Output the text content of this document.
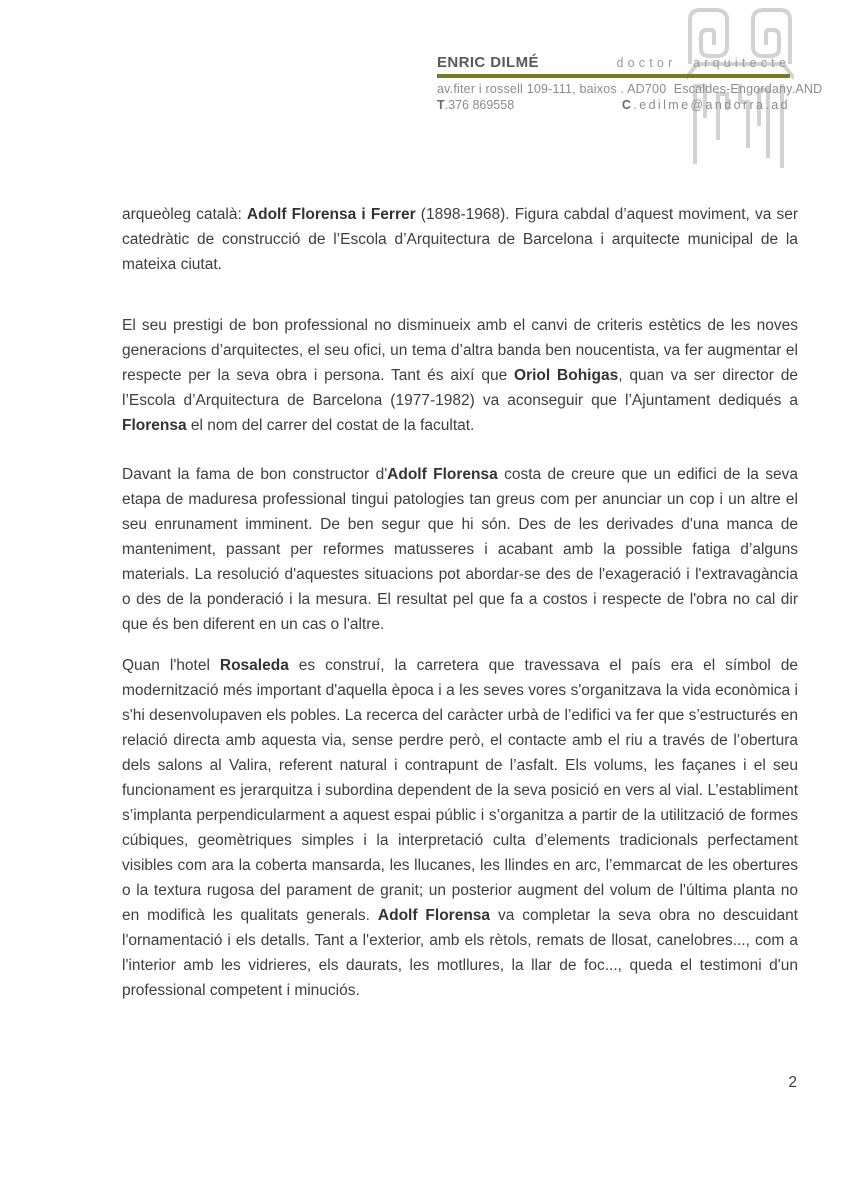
ENRIC DILMÉ	doctor arquitecte
av.fiter i rossell 109-111, baixos . AD700  Escaldes-Engordany.AND
T.376 869558	C.edilme@andorra.ad

arqueòleg català: Adolf Florensa i Ferrer (1898-1968). Figura cabdal d’aquest moviment, va ser catedràtic de construcció de l’Escola d’Arquitectura de Barcelona i arquitecte municipal de la mateixa ciutat.

El seu prestigi de bon professional no disminueix amb el canvi de criteris estètics de les noves generacions d’arquitectes, el seu ofici, un tema d’altra banda ben noucentista, va fer augmentar el respecte per la seva obra i persona. Tant és així que Oriol Bohigas, quan va ser director de l’Escola d’Arquitectura de Barcelona (1977-1982) va aconseguir que l’Ajuntament dediqués a Florensa el nom del carrer del costat de la facultat.

Davant la fama de bon constructor d'Adolf Florensa costa de creure que un edifici de la seva etapa de maduresa professional tingui patologies tan greus com per anunciar un cop i un altre el seu enrunament imminent. De ben segur que hi són. Des de les derivades d'una manca de manteniment, passant per reformes matusseres i acabant amb la possible fatiga d’alguns materials. La resolució d'aquestes situacions pot abordar-se des de l'exageració i l'extravagància o des de la ponderació i la mesura. El resultat pel que fa a costos i respecte de l'obra no cal dir que és ben diferent en un cas o l'altre.

Quan l'hotel Rosaleda es construí, la carretera que travessava el país era el símbol de modernització més important d'aquella època i a les seves vores s'organitzava la vida econòmica i s'hi desenvolupaven els pobles. La recerca del caràcter urbà de l’edifici va fer que s’estructurés en relació directa amb aquesta via, sense perdre però, el contacte amb el riu a través de l’obertura dels salons al Valira, referent natural i contrapunt de l’asfalt. Els volums, les façanes i el seu funcionament es jerarquitza i subordina dependent de la seva posició en vers al vial. L’establiment s’implanta perpendicularment a aquest espai públic i s’organitza a partir de la utilització de formes cúbiques, geomètriques simples i la interpretació culta d’elements tradicionals perfectament visibles com ara la coberta mansarda, les llucanes, les llindes en arc, l’emmarcat de les obertures o la textura rugosa del parament de granit; un posterior augment del volum de l'última planta no en modificà les qualitats generals. Adolf Florensa va completar la seva obra no descuidant l'ornamentació i els detalls. Tant a l'exterior, amb els rètols, remats de llosat, canelobres..., com a l'interior amb les vidrieres, els daurats, les motllures, la llar de foc..., queda el testimoni d'un professional competent i minuciós.

2
